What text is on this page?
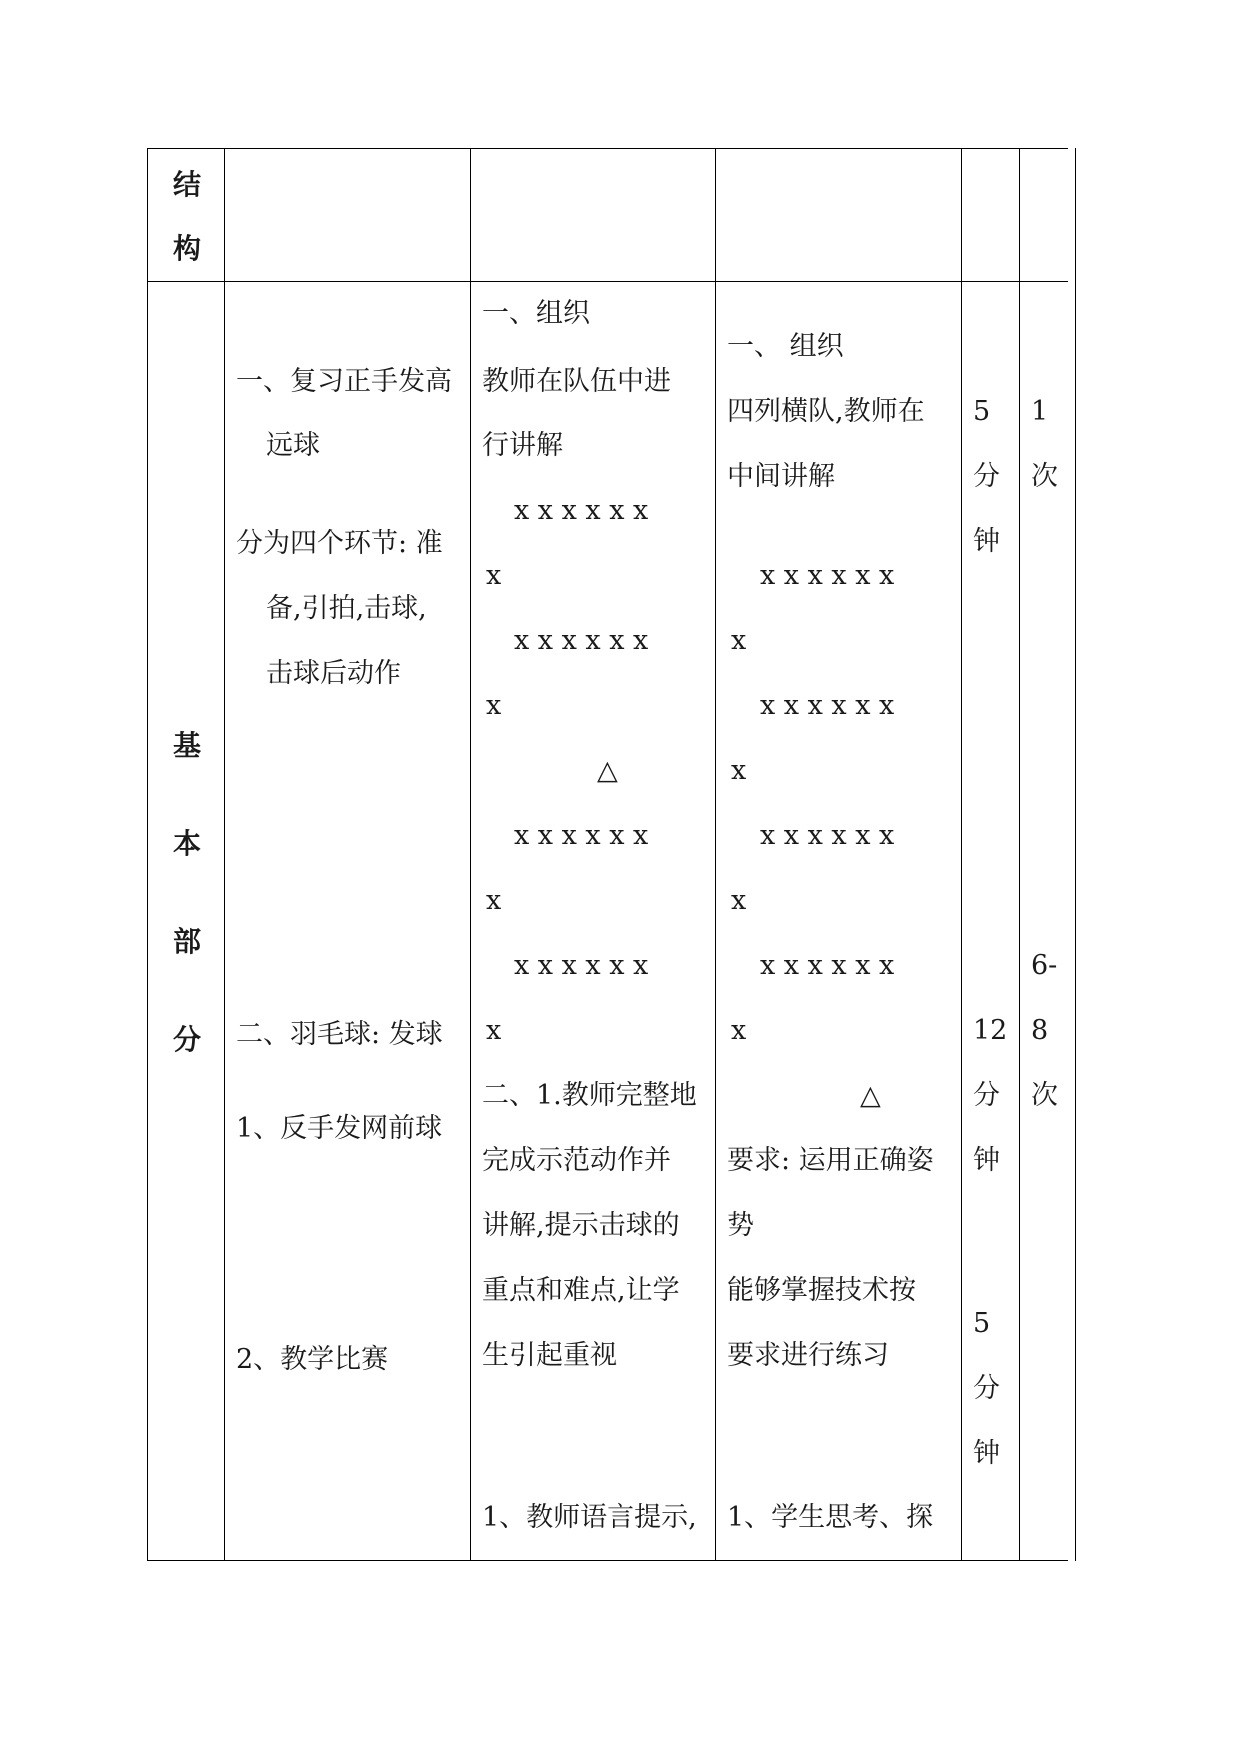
结
构
基
本
部
分
一、复习正手发高
远球
分为四个环节: 准
备,引拍,击球,
击球后动作
二、羽毛球: 发球
1、反手发网前球
2、教学比赛
一、组织
教师在队伍中进
行讲解
x x x x x x
x
x x x x x x
x
△
x x x x x x
x
x x x x x x
x
二、1.教师完整地
完成示范动作并
讲解,提示击球的
重点和难点,让学
生引起重视
1、教师语言提示,
一、 组织
四列横队,教师在
中间讲解
x x x x x x
x
x x x x x x
x
x x x x x x
x
x x x x x x
x
△
要求: 运用正确姿
势
能够掌握技术按
要求进行练习
1、学生思考、探
5
分
钟
12
分
钟
5
分
钟
1
次
6-
8
次
